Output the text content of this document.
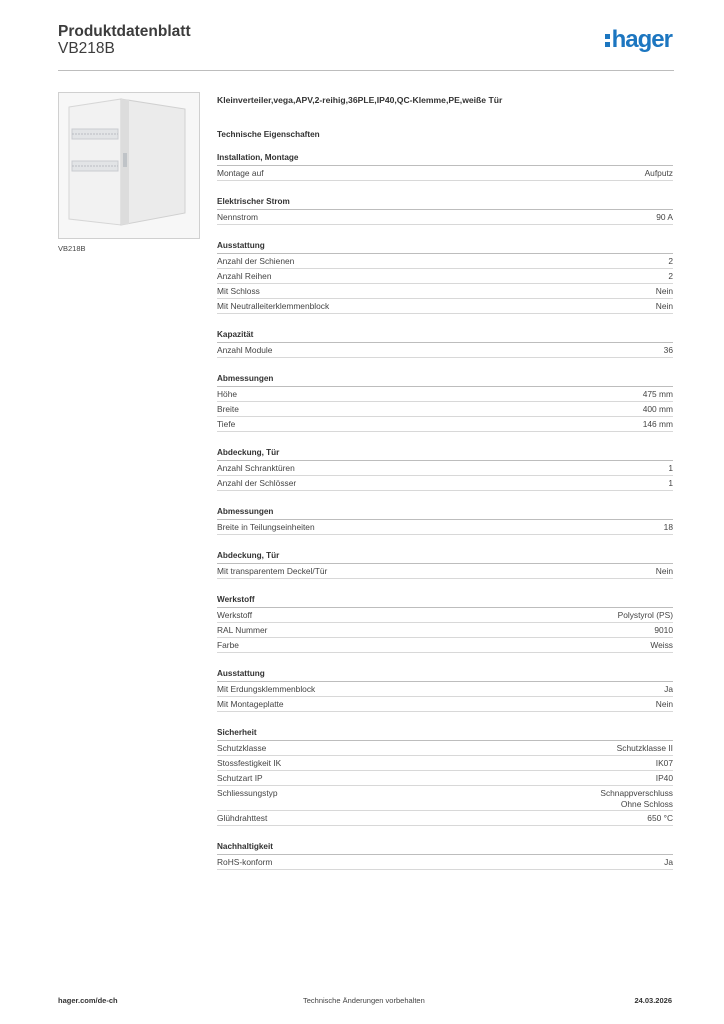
Produktdatenblatt
VB218B	hager
VB218B
Kleinverteiler,vega,APV,2-reihig,36PLE,IP40,QC-Klemme,PE,weiße Tür
Technische Eigenschaften
Installation, Montage
Montage auf	Aufputz
Elektrischer Strom
Nennstrom	90 A
Ausstattung
Anzahl der Schienen	2
Anzahl Reihen	2
Mit Schloss	Nein
Mit Neutralleiterklemmenblock	Nein
Kapazität
Anzahl Module	36
Abmessungen
Höhe	475 mm
Breite	400 mm
Tiefe	146 mm
Abdeckung, Tür
Anzahl Schranktüren	1
Anzahl der Schlösser	1
Abmessungen
Breite in Teilungseinheiten	18
Abdeckung, Tür
Mit transparentem Deckel/Tür	Nein
Werkstoff
Werkstoff	Polystyrol (PS)
RAL Nummer	9010
Farbe	Weiss
Ausstattung
Mit Erdungsklemmenblock	Ja
Mit Montageplatte	Nein
Sicherheit
Schutzklasse	Schutzklasse II
Stossfestigkeit IK	IK07
Schutzart IP	IP40
Schliessungstyp	Schnappverschluss
Ohne Schloss
Glühdrahttest	650 °C
Nachhaltigkeit
RoHS-konform	Ja
hager.com/de-ch	Technische Änderungen vorbehalten	24.03.2026
